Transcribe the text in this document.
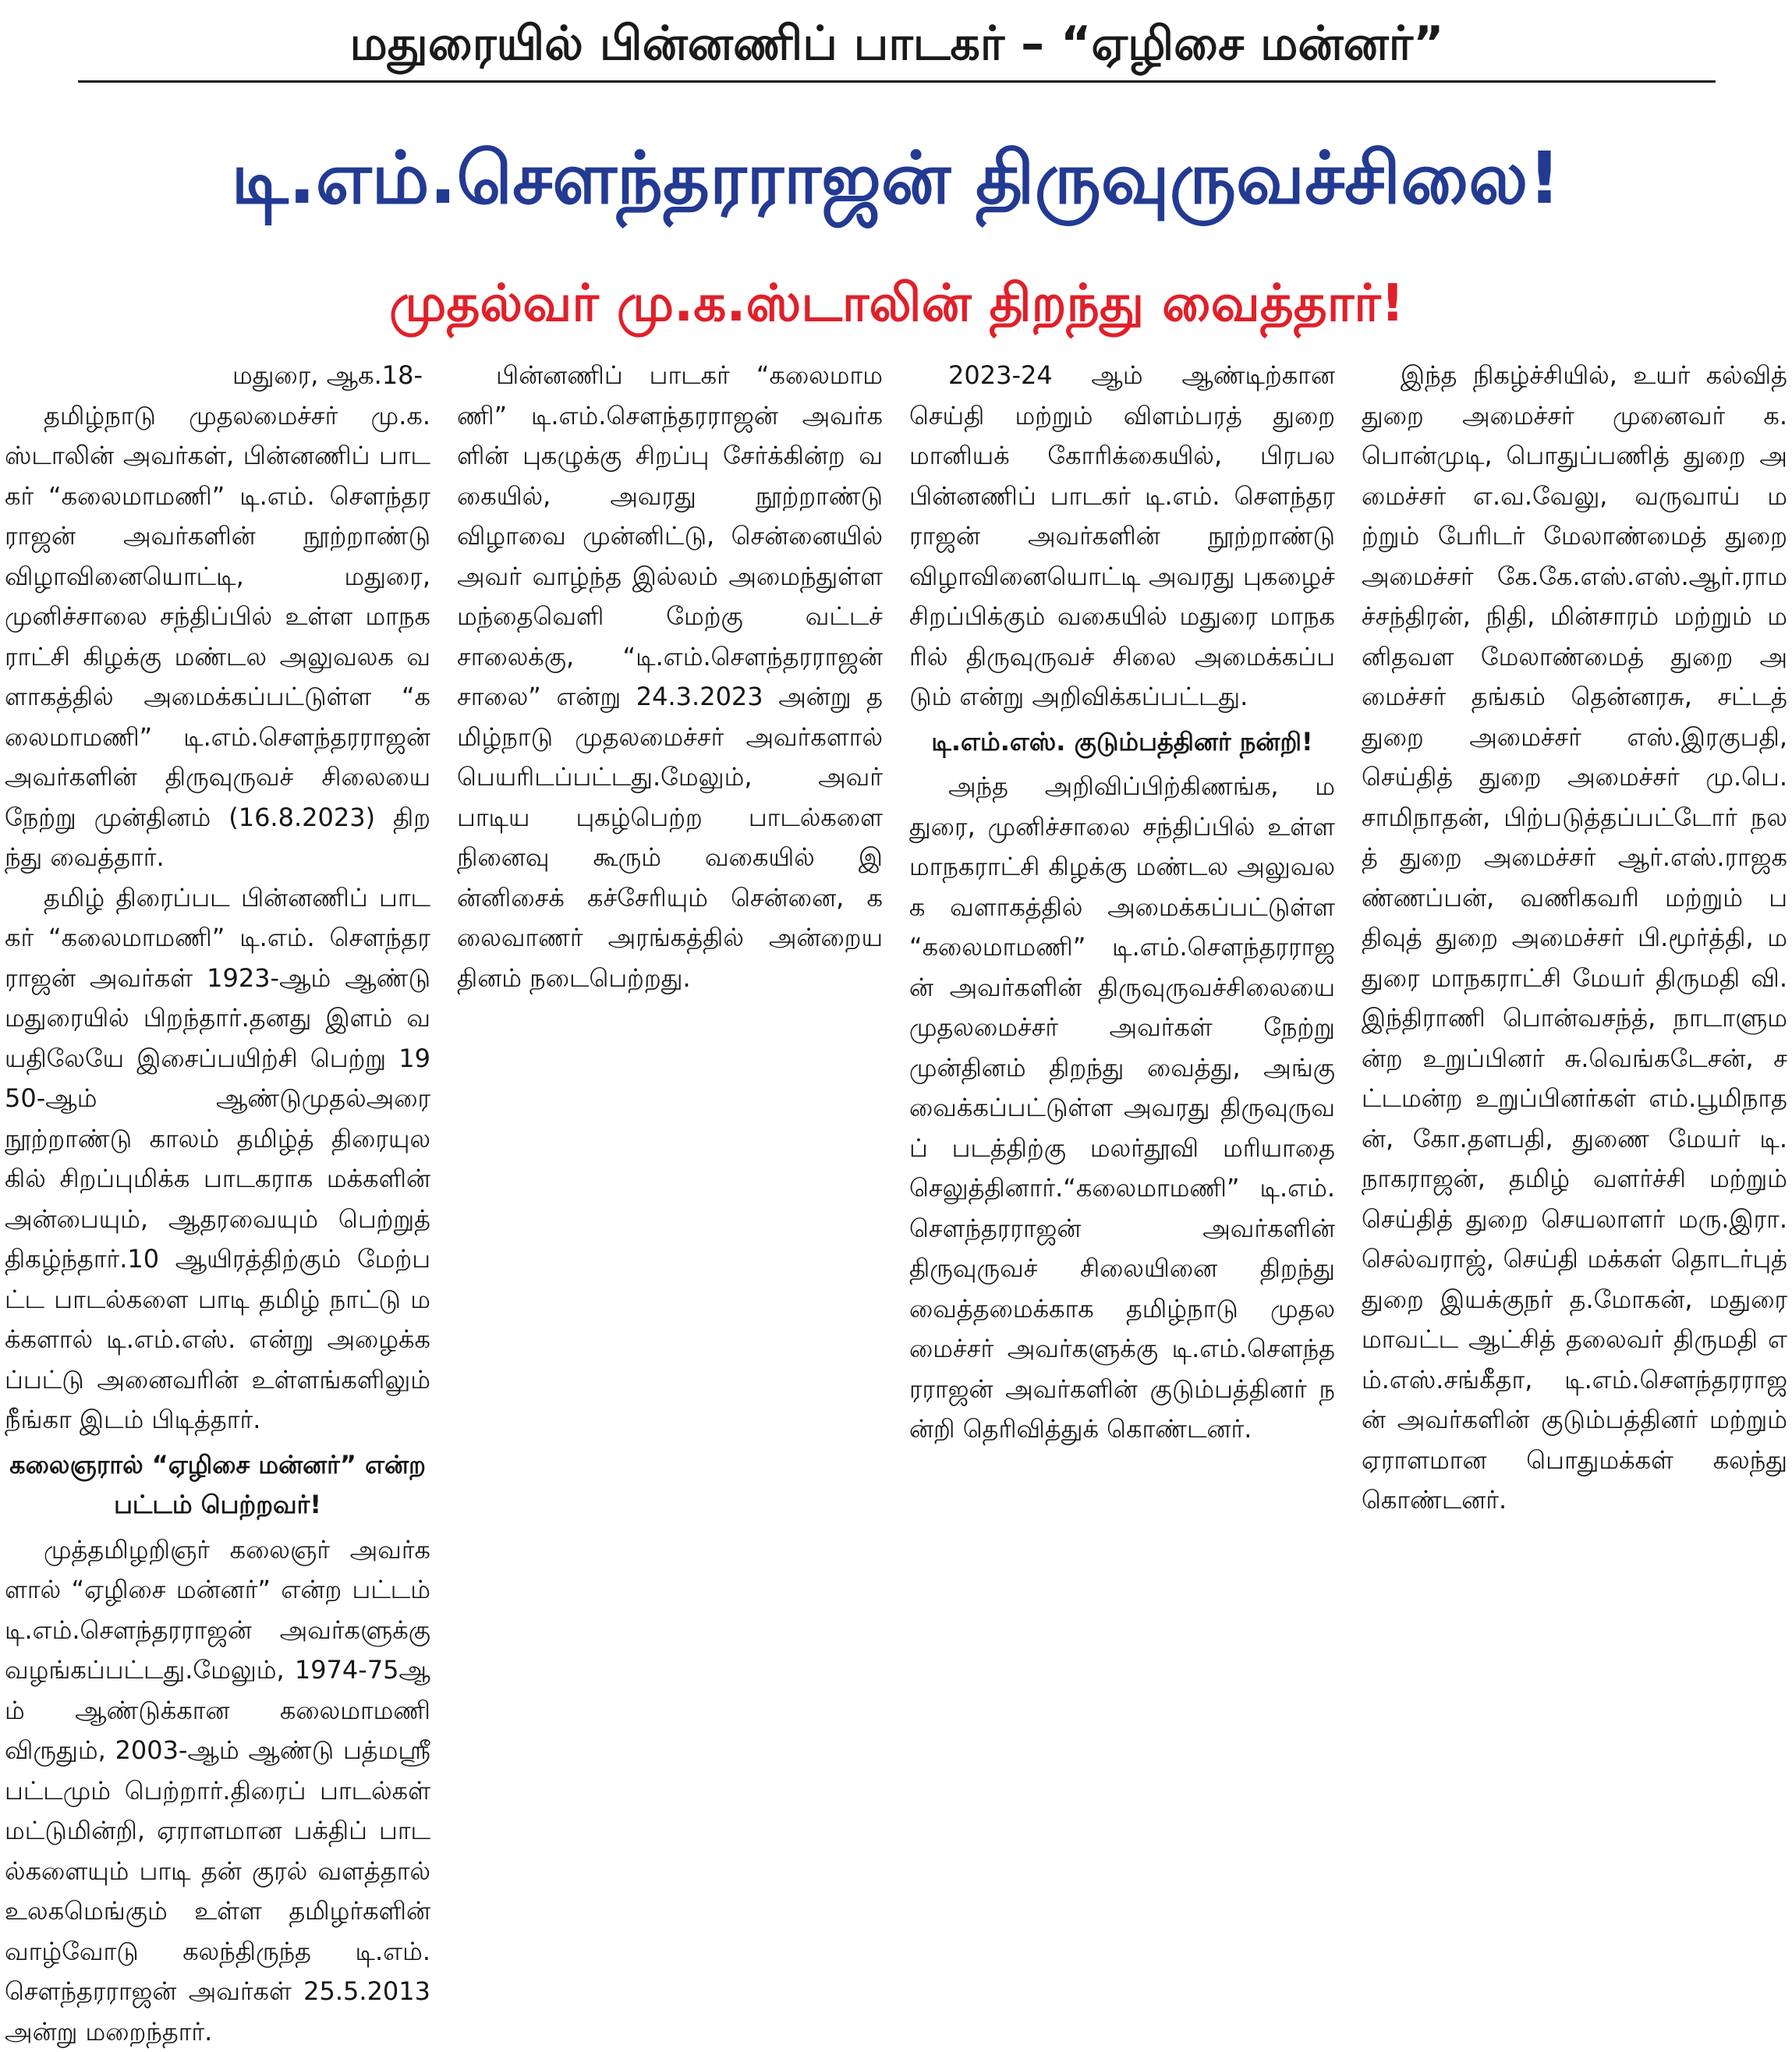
மதுரையில் பின்னணிப் பாடகர் – “ஏழிசை மன்னர்”
டி.எம்.சௌந்தரராஜன் திருவுருவச்சிலை!
முதல்வர் மு.க.ஸ்டாலின் திறந்து வைத்தார்!
மதுரை, ஆக.18-

தமிழ்நாடு முதலமைச்சர் மு.க. ஸ்டாலின் அவர்கள், பின்னணிப் பாடகர் “கலைமாமணி” டி.எம். சௌந்தரராஜன் அவர்களின் நூற்றாண்டு விழாவினையொட்டி, மதுரை, முனிச்சாலை சந்திப்பில் உள்ள மாநகராட்சி கிழக்கு மண்டல அலுவலக வளாகத்தில் அமைக்கப்பட்டுள்ள “கலைமாமணி” டி.எம்.சௌந்தரராஜன் அவர்களின் திருவுருவச் சிலையை நேற்று முன்தினம் (16.8.2023) திறந்து வைத்தார்.

தமிழ் திரைப்பட பின்னணிப் பாடகர் “கலைமாமணி” டி.எம். சௌந்தரராஜன் அவர்கள் 1923-ஆம் ஆண்டு மதுரையில் பிறந்தார்.தனது இளம் வயதிலேயே இசைப்பயிற்சி பெற்று 1950-ஆம் ஆண்டுமுதல்அரை நூற்றாண்டு காலம் தமிழ்த் திரையுலகில் சிறப்புமிக்க பாடகராக மக்களின் அன்பையும், ஆதரவையும் பெற்றுத் திகழ்ந்தார்.10 ஆயிரத்திற்கும் மேற்பட்ட பாடல்களை பாடி தமிழ் நாட்டு மக்களால் டி.எம்.எஸ். என்று அழைக்கப்பட்டு அனைவரின் உள்ளங்களிலும் நீங்கா இடம் பிடித்தார்.

கலைஞரால் “ஏழிசை மன்னர்” என்ற பட்டம் பெற்றவர்!

முத்தமிழறிஞர் கலைஞர் அவர்களால் “ஏழிசை மன்னர்” என்ற பட்டம் டி.எம்.சௌந்தரராஜன் அவர்களுக்கு வழங்கப்பட்டது.மேலும், 1974-75ஆம் ஆண்டுக்கான கலைமாமணி விருதும், 2003-ஆம் ஆண்டு பத்மஸ்ரீ பட்டமும் பெற்றார்.திரைப் பாடல்கள் மட்டுமின்றி, ஏராளமான பக்திப் பாடல்களையும் பாடி தன் குரல் வளத்தால் உலகமெங்கும் உள்ள தமிழர்களின் வாழ்வோடு கலந்திருந்த டி.எம்.சௌந்தரராஜன் அவர்கள் 25.5.2013 அன்று மறைந்தார்.

பின்னணிப் பாடகர் “கலைமாமணி” டி.எம்.சௌந்தரராஜன் அவர்களின் புகழுக்கு சிறப்பு சேர்க்கின்ற வகையில், அவரது நூற்றாண்டு விழாவை முன்னிட்டு, சென்னையில் அவர் வாழ்ந்த இல்லம் அமைந்துள்ள மந்தைவெளி மேற்கு வட்டச் சாலைக்கு, “டி.எம்.சௌந்தரராஜன் சாலை” என்று 24.3.2023 அன்று தமிழ்நாடு முதலமைச்சர் அவர்களால் பெயரிடப்பட்டது.மேலும், அவர் பாடிய புகழ்பெற்ற பாடல்களை நினைவு கூரும் வகையில் இன்னிசைக் கச்சேரியும் சென்னை, கலைவாணர் அரங்கத்தில் அன்றையதினம் நடைபெற்றது.

2023-24 ஆம் ஆண்டிற்கான செய்தி மற்றும் விளம்பரத் துறை மானியக் கோரிக்கையில், பிரபல பின்னணிப் பாடகர் டி.எம். சௌந்தரராஜன் அவர்களின் நூற்றாண்டு விழாவினையொட்டி அவரது புகழைச் சிறப்பிக்கும் வகையில் மதுரை மாநகரில் திருவுருவச் சிலை அமைக்கப்படும் என்று அறிவிக்கப்பட்டது.

டி.எம்.எஸ். குடும்பத்தினர் நன்றி!

அந்த அறிவிப்பிற்கிணங்க, மதுரை, முனிச்சாலை சந்திப்பில் உள்ள மாநகராட்சி கிழக்கு மண்டல அலுவலக வளாகத்தில் அமைக்கப்பட்டுள்ள “கலைமாமணி” டி.எம்.சௌந்தரராஜன் அவர்களின் திருவுருவச்சிலையை முதலமைச்சர் அவர்கள் நேற்று முன்தினம் திறந்து வைத்து, அங்கு வைக்கப்பட்டுள்ள அவரது திருவுருவப் படத்திற்கு மலர்தூவி மரியாதை செலுத்தினார்.“கலைமாமணி” டி.எம்.சௌந்தரராஜன் அவர்களின் திருவுருவச் சிலையினை திறந்து வைத்தமைக்காக தமிழ்நாடு முதலமைச்சர் அவர்களுக்கு டி.எம்.சௌந்தரராஜன் அவர்களின் குடும்பத்தினர் நன்றி தெரிவித்துக் கொண்டனர்.

இந்த நிகழ்ச்சியில், உயர் கல்வித் துறை அமைச்சர் முனைவர் க.பொன்முடி, பொதுப்பணித் துறை அமைச்சர் எ.வ.வேலு, வருவாய் மற்றும் பேரிடர் மேலாண்மைத் துறை அமைச்சர் கே.கே.எஸ்.எஸ்.ஆர்.ராமச்சந்திரன், நிதி, மின்சாரம் மற்றும் மனிதவள மேலாண்மைத் துறை அமைச்சர் தங்கம் தென்னரசு, சட்டத் துறை அமைச்சர் எஸ்.இரகுபதி, செய்தித் துறை அமைச்சர் மு.பெ.சாமிநாதன், பிற்படுத்தப்பட்டோர் நலத் துறை அமைச்சர் ஆர்.எஸ்.ராஜகண்ணப்பன், வணிகவரி மற்றும் பதிவுத் துறை அமைச்சர் பி.மூர்த்தி, மதுரை மாநகராட்சி மேயர் திருமதி வி. இந்திராணி பொன்வசந்த், நாடாளுமன்ற உறுப்பினர் சு.வெங்கடேசன், சட்டமன்ற உறுப்பினர்கள் எம்.பூமிநாதன், கோ.தளபதி, துணை மேயர் டி.நாகராஜன், தமிழ் வளர்ச்சி மற்றும் செய்தித் துறை செயலாளர் மரு.இரா.செல்வராஜ், செய்தி மக்கள் தொடர்புத் துறை இயக்குநர் த.மோகன், மதுரை மாவட்ட ஆட்சித் தலைவர் திருமதி எம்.எஸ்.சங்கீதா, டி.எம்.சௌந்தரராஜன் அவர்களின் குடும்பத்தினர் மற்றும் ஏராளமான பொதுமக்கள் கலந்து கொண்டனர்.
